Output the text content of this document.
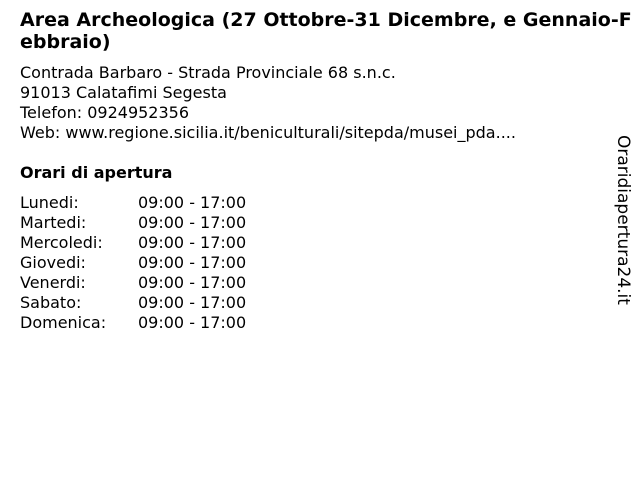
Area Archeologica (27 Ottobre-31 Dicembre, e Gennaio-Febbraio)
Contrada Barbaro - Strada Provinciale 68 s.n.c.
91013 Calatafimi Segesta
Telefon: 0924952356
Web: www.regione.sicilia.it/beniculturali/sitepda/musei_pda....
Orari di apertura
Lunedi:	09:00 - 17:00
Martedi:	09:00 - 17:00
Mercoledi: 09:00 - 17:00
Giovedi:	09:00 - 17:00
Venerdi:	09:00 - 17:00
Sabato:	09:00 - 17:00
Domenica: 09:00 - 17:00
Oraridiapertura24.it
